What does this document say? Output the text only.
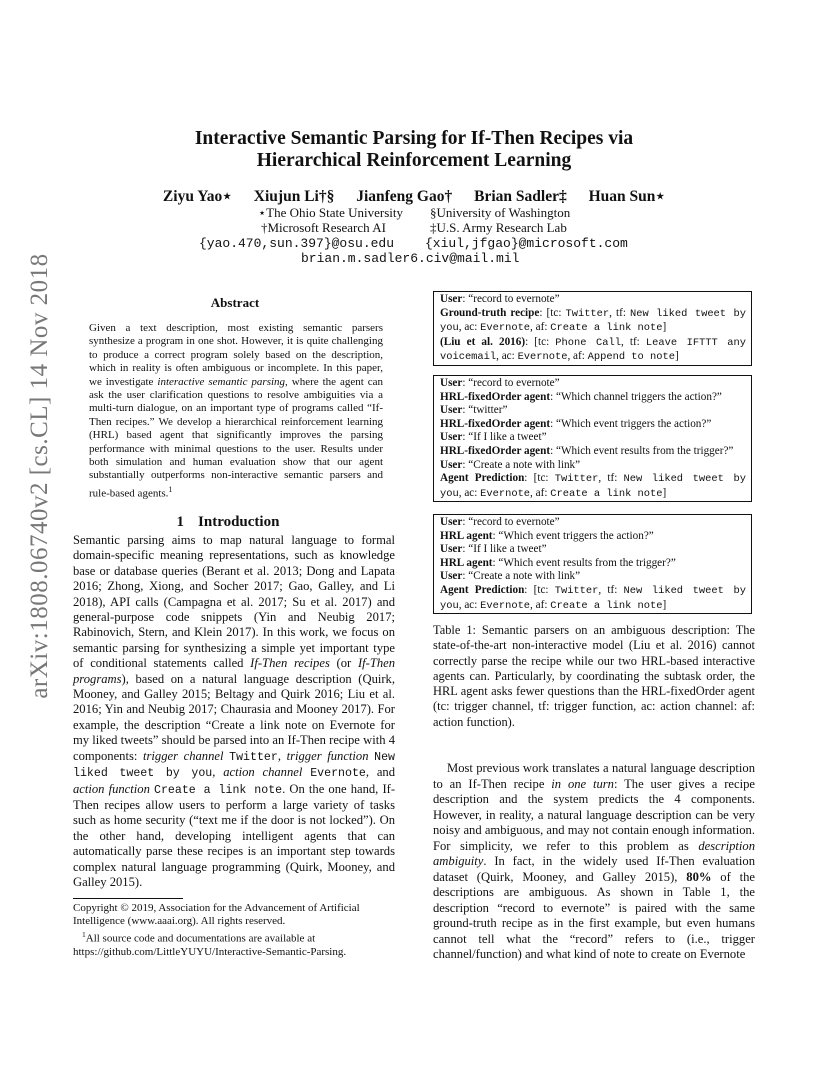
arXiv:1808.06740v2 [cs.CL] 14 Nov 2018
Interactive Semantic Parsing for If-Then Recipes via
Hierarchical Reinforcement Learning
Ziyu Yao⋆ Xiujun Li†§ Jianfeng Gao† Brian Sadler‡ Huan Sun⋆
⋆The Ohio State University §University of Washington
†Microsoft Research AI	‡U.S. Army Research Lab
{yao.470,sun.397}@osu.edu {xiul,jfgao}@microsoft.com
brian.m.sadler6.civ@mail.mil
Abstract
Given a text description, most existing semantic parsers synthesize a program in one shot. However, it is quite challenging to produce a correct program solely based on the description, which in reality is often ambiguous or incomplete. In this paper, we investigate interactive semantic parsing, where the agent can ask the user clarification questions to resolve ambiguities via a multi-turn dialogue, on an important type of programs called “If-Then recipes.” We develop a hierarchical reinforcement learning (HRL) based agent that significantly improves the parsing performance with minimal questions to the user. Results under both simulation and human evaluation show that our agent substantially outperforms non-interactive semantic parsers and rule-based agents.$^1$
1 Introduction
Semantic parsing aims to map natural language to formal domain-specific meaning representations, such as knowledge base or database queries (Berant et al. 2013; Dong and Lapata 2016; Zhong, Xiong, and Socher 2017; Gao, Galley, and Li 2018), API calls (Campagna et al. 2017; Su et al. 2017) and general-purpose code snippets (Yin and Neubig 2017; Rabinovich, Stern, and Klein 2017). In this work, we focus on semantic parsing for synthesizing a simple yet important type of conditional statements called If-Then recipes (or If-Then programs), based on a natural language description (Quirk, Mooney, and Galley 2015; Beltagy and Quirk 2016; Liu et al. 2016; Yin and Neubig 2017; Chaurasia and Mooney 2017). For example, the description “Create a link note on Evernote for my liked tweets” should be parsed into an If-Then recipe with 4 components: trigger channel Twitter, trigger function New liked tweet by you, action channel Evernote, and action function Create a link note. On the one hand, If-Then recipes allow users to perform a large variety of tasks such as home security (“text me if the door is not locked”). On the other hand, developing intelligent agents that can automatically parse these recipes is an important step towards complex natural language programming (Quirk, Mooney, and Galley 2015).
Copyright © 2019, Association for the Advancement of Artificial Intelligence (www.aaai.org). All rights reserved.
$^1$All source code and documentations are available at https://github.com/LittleYUYU/Interactive-Semantic-Parsing.
User: “record to evernote”
Ground-truth recipe: [tc: Twitter, tf: New liked tweet by you, ac: Evernote, af: Create a link note]
(Liu et al. 2016): [tc: Phone Call, tf: Leave IFTTT any voicemail, ac: Evernote, af: Append to note]
User: “record to evernote”
HRL-fixedOrder agent: “Which channel triggers the action?”
User: “twitter”
HRL-fixedOrder agent: “Which event triggers the action?”
User: “If I like a tweet”
HRL-fixedOrder agent: “Which event results from the trigger?”
User: “Create a note with link”
Agent Prediction: [tc: Twitter, tf: New liked tweet by you, ac: Evernote, af: Create a link note]
User: “record to evernote”
HRL agent: “Which event triggers the action?”
User: “If I like a tweet”
HRL agent: “Which event results from the trigger?”
User: “Create a note with link”
Agent Prediction: [tc: Twitter, tf: New liked tweet by you, ac: Evernote, af: Create a link note]
Table 1: Semantic parsers on an ambiguous description: The state-of-the-art non-interactive model (Liu et al. 2016) cannot correctly parse the recipe while our two HRL-based interactive agents can. Particularly, by coordinating the subtask order, the HRL agent asks fewer questions than the HRL-fixedOrder agent (tc: trigger channel, tf: trigger function, ac: action channel: af: action function).
Most previous work translates a natural language description to an If-Then recipe in one turn: The user gives a recipe description and the system predicts the 4 components. However, in reality, a natural language description can be very noisy and ambiguous, and may not contain enough information. For simplicity, we refer to this problem as description ambiguity. In fact, in the widely used If-Then evaluation dataset (Quirk, Mooney, and Galley 2015), 80% of the descriptions are ambiguous. As shown in Table 1, the description “record to evernote” is paired with the same ground-truth recipe as in the first example, but even humans cannot tell what the “record” refers to (i.e., trigger channel/function) and what kind of note to create on Evernote
